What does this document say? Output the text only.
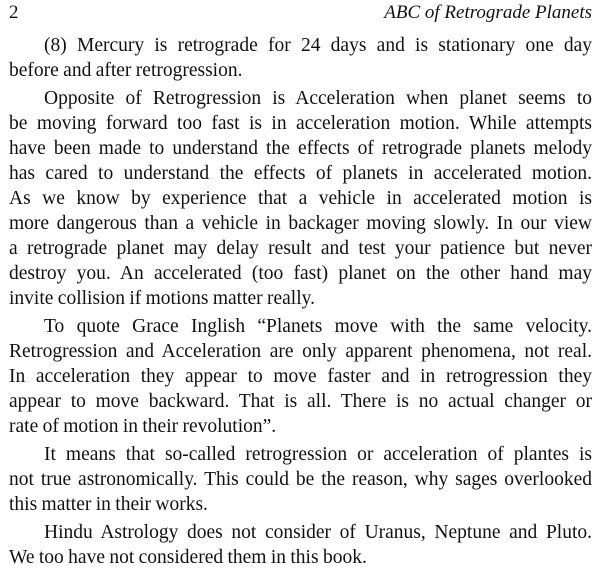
2	ABC of Retrograde Planets

(8) Mercury is retrograde for 24 days and is stationary one day
before and after retrogression.

Opposite of Retrogression is Acceleration when planet seems to
be moving forward too fast is in acceleration motion. While attempts
have been made to understand the effects of retrograde planets melody
has cared to understand the effects of planets in accelerated motion.
As we know by experience that a vehicle in accelerated motion is
more dangerous than a vehicle in backager moving slowly. In our view
a retrograde planet may delay result and test your patience but never
destroy you. An accelerated (too fast) planet on the other hand may
invite collision if motions matter really.

To quote Grace Inglish “Planets move with the same velocity.
Retrogression and Acceleration are only apparent phenomena, not real.
In acceleration they appear to move faster and in retrogression they
appear to move backward. That is all. There is no actual changer or
rate of motion in their revolution”.

It means that so-called retrogression or acceleration of plantes is
not true astronomically. This could be the reason, why sages overlooked
this matter in their works.

Hindu Astrology does not consider of Uranus, Neptune and Pluto.
We too have not considered them in this book.
